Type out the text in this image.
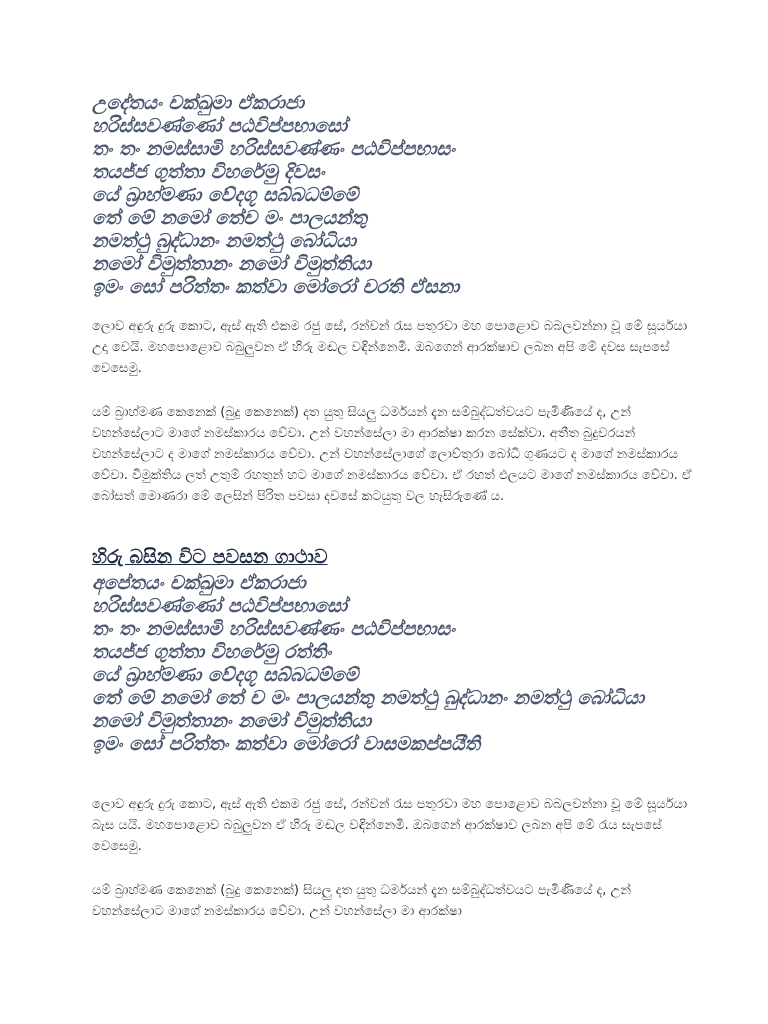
උදේතයං චක්ඛුමා ඒකරාජා
හරිස්සවණ්ණෝ පඨවිප්පභාසෝ
තං තං නමස්සාමි හරිස්සවණ්ණං පඨවිප්පභාසං
තයජ්ජ ගුත්තා විහරේමු දිවසං
යේ බ්‍රාහ්මණා වේදගූ සබ්බධම්මේ
තේ මේ නමෝ තේච මං පාලයන්තු
නමත්ථු බුද්ධානං නමත්ථු බෝධියා
නමෝ විමුත්තානං නමෝ විමුත්තියා
ඉමං සෝ පරිත්තං කත්වා මෝරෝ චරති ඒසනා

ලොව අඳුරු දුරු කොට, ඇස් ඇති එකම රජු සේ, රන්වන් රැස පතුරවා මහ පොළොව බබලවන්නා වූ මේ සූර්යයා උදා වෙයි. මහපොළොව බබුලුවන ඒ හිරු මඬල වඳින්නෙමි. ඔබගෙන් ආරක්ෂාව ලබන අපි මේ දවස සැපසේ වෙසෙමු.

යම් බ්‍රාහ්මණ කෙනෙක් (බුදු කෙනෙක්) දත යුතු සියලු ධර්මයන් දැන සම්බුද්ධත්වයට පැමිණියේ ද, උන් වහන්සේලාට මාගේ නමස්කාරය වේවා. උන් වහන්සේලා මා ආරක්ෂා කරන සේක්වා. අතීත බුදුවරයන් වහන්සේලාට ද මාගේ නමස්කාරය වේවා. උන් වහන්සේලාගේ ලොව්තුරා බෝධි ගුණයට ද මාගේ නමස්කාරය වේවා. විමුක්තිය ලත් උතුම් රහතුන් හට මාගේ නමස්කාරය වේවා. ඒ රහත් ඵලයට මාගේ නමස්කාරය වේවා. ඒ බෝසත් මොණරා මේ ලෙසින් පිරිත පවසා දවසේ කටයුතු වල හැසිරුණේ ය.

හිරු බසින විට පවසන ගාථාව
අපේතයං චක්ඛුමා ඒකරාජා
හරිස්සවණ්ණෝ පඨවිප්පභාසෝ
තං තං නමස්සාමි හරිස්සවණ්ණං පඨවිප්පභාසං
තයජ්ජ ගුත්තා විහරේමු රත්තිං
යේ බ්‍රාහ්මණා වේදගූ සබ්බධම්මේ
තේ මේ නමෝ තේ ච මං පාලයන්තු නමත්ථු බුද්ධානං නමත්ථු බෝධියා
නමෝ විමුත්තානං නමෝ විමුත්තියා
ඉමං සෝ පරිත්තං කත්වා මෝරෝ වාසමකප්පයීති

ලොව අඳුරු දුරු කොට, ඇස් ඇති එකම රජු සේ, රන්වන් රැස පතුරවා මහ පොළොව බබලවන්නා වූ මේ සූර්යයා බැස යයි. මහපොළොව බබුලුවන ඒ හිරු මඬල වඳින්නෙමි. ඔබගෙන් ආරක්ෂාව ලබන අපි මේ රැය සැපසේ වෙසෙමු.

යම් බ්‍රාහ්මණ කෙනෙක් (බුදු කෙනෙක්) සියලු දත යුතු ධර්මයන් දැන සම්බුද්ධත්වයට පැමිණියේ ද, උන් වහන්සේලාට මාගේ නමස්කාරය වේවා. උන් වහන්සේලා මා ආරක්ෂා
